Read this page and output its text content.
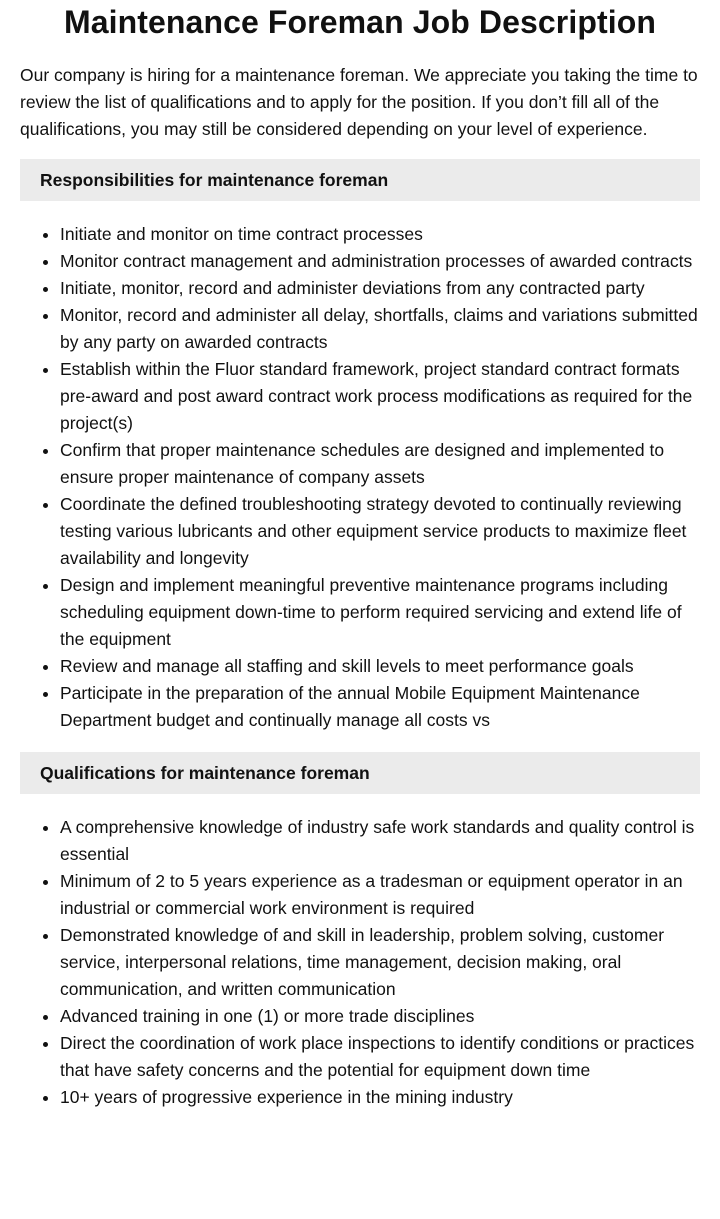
Maintenance Foreman Job Description

Our company is hiring for a maintenance foreman. We appreciate you taking the time to review the list of qualifications and to apply for the position. If you don’t fill all of the qualifications, you may still be considered depending on your level of experience.

Responsibilities for maintenance foreman
• Initiate and monitor on time contract processes
• Monitor contract management and administration processes of awarded contracts
• Initiate, monitor, record and administer deviations from any contracted party
• Monitor, record and administer all delay, shortfalls, claims and variations submitted by any party on awarded contracts
• Establish within the Fluor standard framework, project standard contract formats pre-award and post award contract work process modifications as required for the project(s)
• Confirm that proper maintenance schedules are designed and implemented to ensure proper maintenance of company assets
• Coordinate the defined troubleshooting strategy devoted to continually reviewing testing various lubricants and other equipment service products to maximize fleet availability and longevity
• Design and implement meaningful preventive maintenance programs including scheduling equipment down-time to perform required servicing and extend life of the equipment
• Review and manage all staffing and skill levels to meet performance goals
• Participate in the preparation of the annual Mobile Equipment Maintenance Department budget and continually manage all costs vs
Qualifications for maintenance foreman
• A comprehensive knowledge of industry safe work standards and quality control is essential
• Minimum of 2 to 5 years experience as a tradesman or equipment operator in an industrial or commercial work environment is required
• Demonstrated knowledge of and skill in leadership, problem solving, customer service, interpersonal relations, time management, decision making, oral communication, and written communication
• Advanced training in one (1) or more trade disciplines
• Direct the coordination of work place inspections to identify conditions or practices that have safety concerns and the potential for equipment down time
• 10+ years of progressive experience in the mining industry
